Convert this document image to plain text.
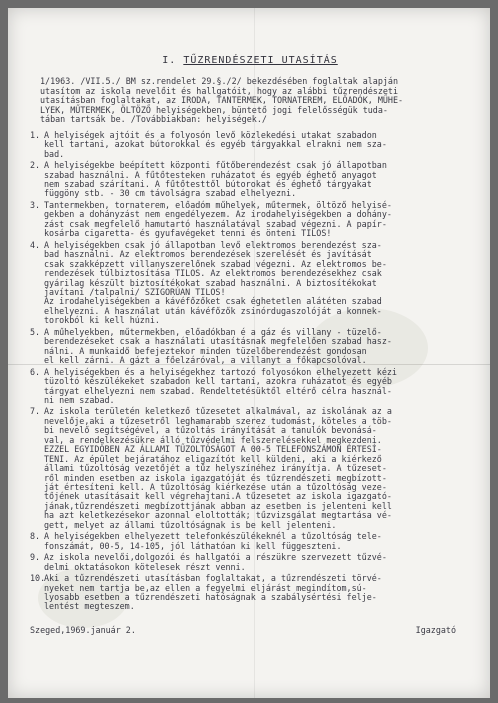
I. TŰZRENDÉSZETI UTASÍTÁS
1/1963. /VII.5./ BM sz.rendelet 29.§./2/ bekezdésében foglaltak alapján
utasítom az iskola nevelőit és hallgatóit, hogy az alábbi tűzrendészeti
utasításban foglaltakat, az IRODA, TANTERMEK, TORNATEREM, ELŐADÓK, MŰHE-
LYEK, MŰTERMEK, ÖLTÖZŐ helyiségekben, büntető jogi felelősségük tuda-
tában tartsák be. /Továbbiakban: helyiségek./
1. A helyiségek ajtóit és a folyosón levő közlekedési utakat szabadon
kell tartani, azokat bútorokkal és egyéb tárgyakkal elrakni nem sza-
bad.
2. A helyiségekbe beépített központi fűtőberendezést csak jó állapotban
szabad használni. A fűtőtesteken ruházatot és egyéb éghető anyagot
nem szabad szárítani. A fűtőtesttől bútorokat és éghető tárgyakat
függöny stb. - 30 cm távolságra szabad elhelyezni.
3. Tantermekben, tornaterem, előadóm műhelyek, műtermek, öltöző helyisé-
gekben a dohányzást nem engedélyezem. Az irodahelyiségekben a dohány-
zást csak megfelelő hamutartó használatával szabad végezni. A papír-
kosárba cigaretta- és gyufavégeket tenni és önteni TILOS!
4. A helyiségekben csak jó állapotban levő elektromos berendezést sza-
bad használni. Az elektromos berendezések szerelését és javítását
csak szakképzett villanyszerelőnek szabad végezni. Az elektromos be-
rendezések túlbiztosítása TILOS. Az elektromos berendezésekhez csak
gyárilag készült biztosítékokat szabad használni. A biztosítékokat
javítani /talpalni/ SZIGORÚAN TILOS!
Az irodahelyiségekben a kávéfőzőket csak éghetetlen alátéten szabad
elhelyezni. A használat után kávéfőzők zsinórdugaszolóját a konnek-
torokból ki kell húzni.
5. A műhelyekben, műtermekben, előadókban é a gáz és villany - tüzelő-
berendezéseket csak a használati utasításnak megfelelően szabad hasz-
nálni. A munkaidő befejeztekor minden tüzelőberendezést gondosan
el kell zárni. A gázt a főelzáróval, a villanyt a főkapcsolóval.
6. A helyiségekben és a helyiségekhez tartozó folyosókon elhelyezett kézi
tüzoltó készülékeket szabadon kell tartani, azokra ruházatot és egyéb
tárgyat elhelyezni nem szabad. Rendeltetésüktől eltérő célra használ-
ni nem szabad.
7. Az iskola területén keletkező tűzesetet alkalmával, az iskolának az a
nevelője,aki a tűzesetről leghamarabb szerez tudomást, köteles a töb-
bi nevelő segítségével, a tűzoltás irányítását a tanulók bevonásá-
val, a rendelkezésükre álló tűzvédelmi felszerelésekkel megkezdeni.
EZZEL EGYIDŐBEN AZ ÁLLAMI TŰZOLTÓSÁGOT A 00-5 TELEFONSZÁMON ÉRTESÍ-
TENI. Az épület bejáratához eligazítót kell küldeni, aki a kiérkező
állami tűzoltóság vezetőjét a tűz helyszínéhez irányítja. A tűzeset-
ről minden esetben az iskola igazgatóját és tűzrendészeti megbízott-
ját értesíteni kell. A tűzoltóság kiérkezése után a tűzoltóság veze-
tőjének utasításait kell végrehajtani.A tűzesetet az iskola igazgató-
jának,tűzrendészeti megbízottjának abban az esetben is jelenteni kell
ha azt keletkezésekor azonnal eloltották; tűzvizsgálat megtartása vé-
gett, melyet az állami tűzoltóságnak is be kell jelenteni.
8. A helyiségekben elhelyezett telefonkészülékeknél a tűzoltóság tele-
fonszámát, 00-5, 14-105, jól láthatóan ki kell függeszteni.
9. Az iskola nevelői,dolgozói és hallgatói a részükre szervezett tűzvé-
delmi oktatásokon kötelesek részt venni.
10.
Aki a tűzrendészeti utasításban foglaltakat, a tűzrendészeti törvé-
nyeket nem tartja be,az ellen a fegyelmi eljárást megindítom,sú-
lyosabb esetben a tűzrendészeti hatóságnak a szabálysértési felje-
lentést megteszem.
Szeged,1969.január 2.	Igazgató
